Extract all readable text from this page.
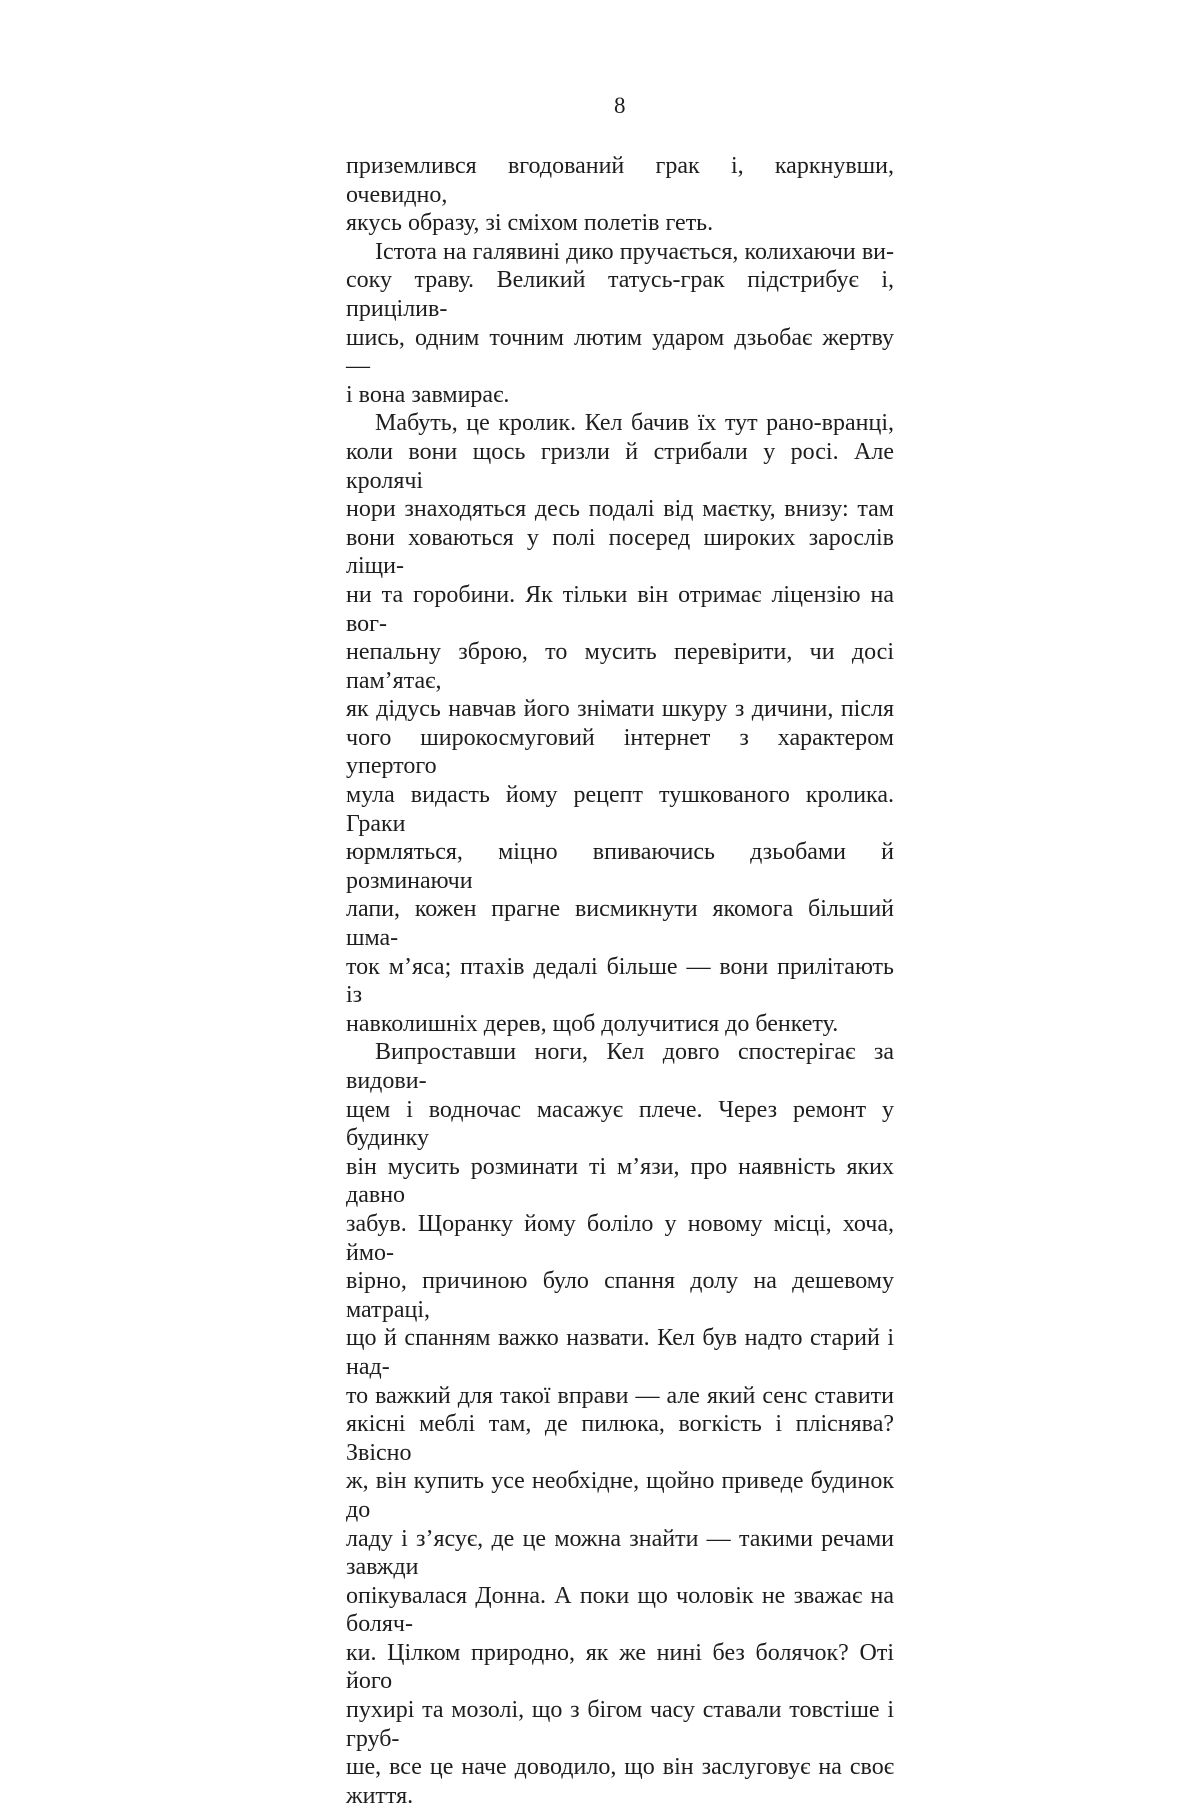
8
приземлився вгодований грак і, каркнувши, очевидно,
якусь образу, зі сміхом полетів геть.
Істота на галявині дико пручається, колихаючи ви-
соку траву. Великий татусь-грак підстрибує і, прицілив-
шись, одним точним лютим ударом дзьобає жертву —
і вона завмирає.
Мабуть, це кролик. Кел бачив їх тут рано-вранці,
коли вони щось гризли й стрибали у росі. Але кролячі
нори знаходяться десь подалі від маєтку, внизу: там
вони ховаються у полі посеред широких зарослів ліщи-
ни та горобини. Як тільки він отримає ліцензію на вог-
непальну зброю, то мусить перевірити, чи досі пам’ятає,
як дідусь навчав його знімати шкуру з дичини, після
чого широкосмуговий інтернет з характером упертого
мула видасть йому рецепт тушкованого кролика. Граки
юрмляться, міцно впиваючись дзьобами й розминаючи
лапи, кожен прагне висмикнути якомога більший шма-
ток м’яса; птахів дедалі більше — вони прилітають із
навколишніх дерев, щоб долучитися до бенкету.
Випроставши ноги, Кел довго спостерігає за видови-
щем і водночас масажує плече. Через ремонт у будинку
він мусить розминати ті м’язи, про наявність яких давно
забув. Щоранку йому боліло у новому місці, хоча, ймо-
вірно, причиною було спання долу на дешевому матраці,
що й спанням важко назвати. Кел був надто старий і над-
то важкий для такої вправи — але який сенс ставити
якісні меблі там, де пилюка, вогкість і пліснява? Звісно
ж, він купить усе необхідне, щойно приведе будинок до
ладу і з’ясує, де це можна знайти — такими речами завжди
опікувалася Донна. А поки що чоловік не зважає на боляч-
ки. Цілком природно, як же нині без болячок? Оті його
пухирі та мозолі, що з бігом часу ставали товстіше і груб-
ше, все це наче доводило, що він заслуговує на своє життя.
